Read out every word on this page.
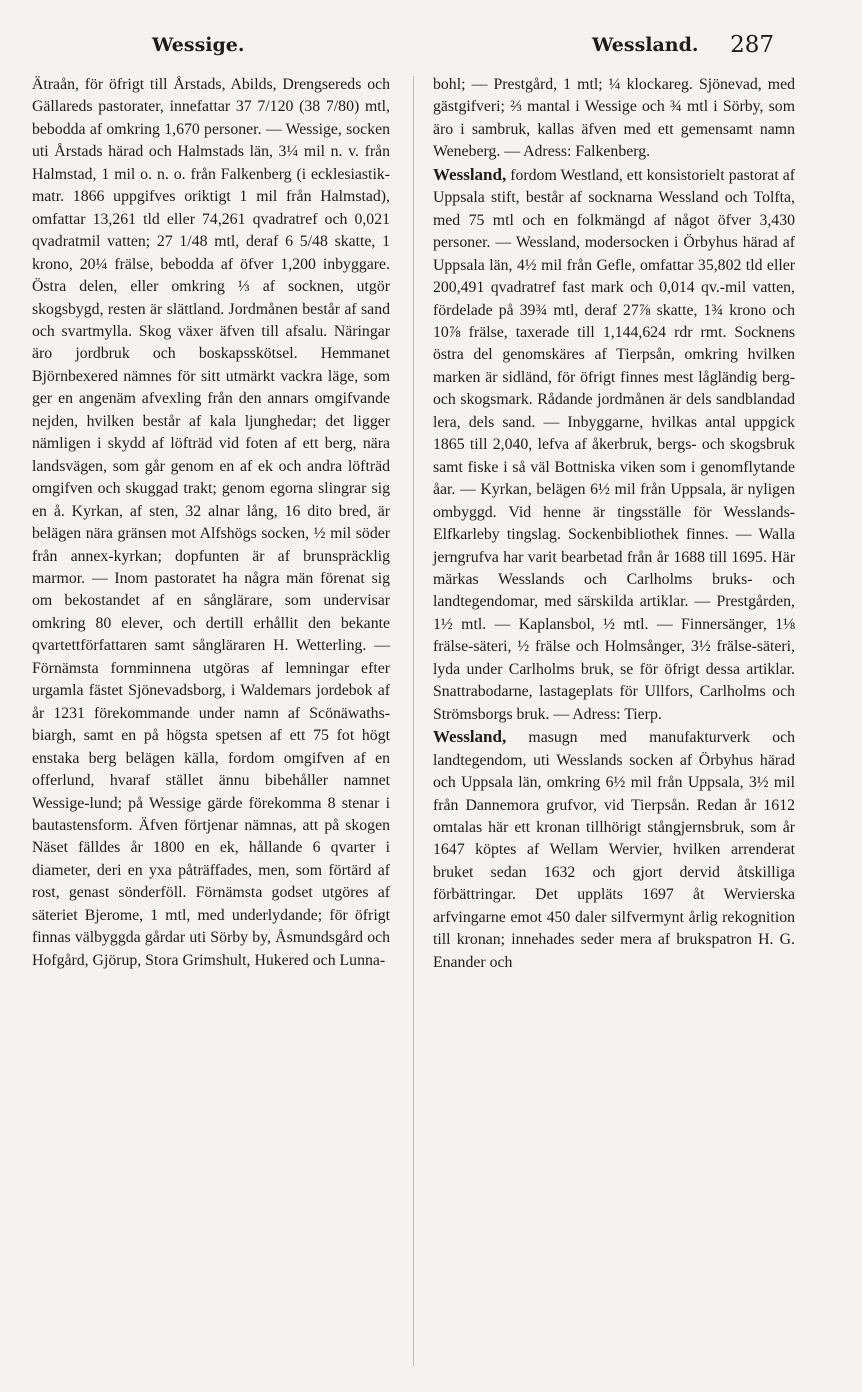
Wessige.	Wessland. 287

Ätraån, för öfrigt till Årstads, Abilds, Drengsereds och Gällareds pastorater, innefattar 37 7/120 (38 7/80) mtl, bebodda af omkring 1,670 personer. — Wessige, socken uti Årstads härad och Halmstads län, 3¼ mil n. v. från Halmstad, 1 mil o. n. o. från Falkenberg (i ecklesiastik-matr. 1866 uppgifves oriktigt 1 mil från Halmstad), omfattar 13,261 tld eller 74,261 qvadratref och 0,021 qvadratmil vatten; 27 1/48 mtl, deraf 6 5/48 skatte, 1 krono, 20¼ frälse, bebodda af öfver 1,200 inbyggare. Östra delen, eller omkring ⅓ af socknen, utgör skogsbygd, resten är slättland. Jordmånen består af sand och svartmylla. Skog växer äfven till afsalu. Näringar äro jordbruk och boskapsskötsel. Hemmanet Björnbexered nämnes för sitt utmärkt vackra läge, som ger en angenäm afvexling från den annars omgifvande nejden, hvilken består af kala ljunghedar; det ligger nämligen i skydd af löfträd vid foten af ett berg, nära landsvägen, som går genom en af ek och andra löfträd omgifven och skuggad trakt; genom egorna slingrar sig en å. Kyrkan, af sten, 32 alnar lång, 16 dito bred, är belägen nära gränsen mot Alfshögs socken, ½ mil söder från annex-kyrkan; dopfunten är af brunspräcklig marmor. — Inom pastoratet ha några män förenat sig om bekostandet af en sånglärare, som undervisar omkring 80 elever, och dertill erhållit den bekante qvartettförfattaren samt sångläraren H. Wetterling. — Förnämsta fornminnena utgöras af lemningar efter urgamla fästet Sjönevadsborg, i Waldemars jordebok af år 1231 förekommande under namn af Scönäwaths-biargh, samt en på högsta spetsen af ett 75 fot högt enstaka berg belägen källa, fordom omgifven af en offerlund, hvaraf stället ännu bibehåller namnet Wessige-lund; på Wessige gärde förekomma 8 stenar i bautastensform. Äfven förtjenar nämnas, att på skogen Näset fälldes år 1800 en ek, hållande 6 qvarter i diameter, deri en yxa påträffades, men, som förtärd af rost, genast sönderföll. Förnämsta godset utgöres af säteriet Bjerome, 1 mtl, med underlydande; för öfrigt finnas välbyggda gårdar uti Sörby by, Åsmundsgård och Hofgård, Gjörup, Stora Grimshult, Hukered och Lunna-

bohl; — Prestgård, 1 mtl; ¼ klockareg. Sjönevad, med gästgifveri; ⅔ mantal i Wessige och ¾ mtl i Sörby, som äro i sambruk, kallas äfven med ett gemensamt namn Weneberg. — Adress: Falkenberg.

Wessland, fordom Westland, ett konsistorielt pastorat af Uppsala stift, består af socknarna Wessland och Tolfta, med 75 mtl och en folkmängd af något öfver 3,430 personer. — Wessland, modersocken i Örbyhus härad af Uppsala län, 4½ mil från Gefle, omfattar 35,802 tld eller 200,491 qvadratref fast mark och 0,014 qv.-mil vatten, fördelade på 39¾ mtl, deraf 27⅞ skatte, 1¾ krono och 10⅞ frälse, taxerade till 1,144,624 rdr rmt. Socknens östra del genomskäres af Tierpsån, omkring hvilken marken är sidländ, för öfrigt finnes mest lågländig berg- och skogsmark. Rådande jordmånen är dels sandblandad lera, dels sand. — Inbyggarne, hvilkas antal uppgick 1865 till 2,040, lefva af åkerbruk, bergs- och skogsbruk samt fiske i så väl Bottniska viken som i genomflytande åar. — Kyrkan, belägen 6½ mil från Uppsala, är nyligen ombyggd. Vid henne är tingsställe för Wesslands-Elfkarleby tingslag. Sockenbibliothek finnes. — Walla jerngrufva har varit bearbetad från år 1688 till 1695. Här märkas Wesslands och Carlholms bruks- och landtegendomar, med särskilda artiklar. — Prestgården, 1½ mtl. — Kaplansbol, ½ mtl. — Finnersänger, 1⅛ frälse-säteri, ½ frälse och Holmsånger, 3½ frälse-säteri, lyda under Carlholms bruk, se för öfrigt dessa artiklar. Snattrabodarne, lastageplats för Ullfors, Carlholms och Strömsborgs bruk. — Adress: Tierp.

Wessland, masugn med manufakturverk och landtegendom, uti Wesslands socken af Örbyhus härad och Uppsala län, omkring 6½ mil från Uppsala, 3½ mil från Dannemora grufvor, vid Tierpsån. Redan år 1612 omtalas här ett kronan tillhörigt stångjernsbruk, som år 1647 köptes af Wellam Wervier, hvilken arrenderat bruket sedan 1632 och gjort dervid åtskilliga förbättringar. Det uppläts 1697 åt Wervierska arfvingarne emot 450 daler silfvermynt årlig rekognition till kronan; innehades seder mera af brukspatron H. G. Enander och
